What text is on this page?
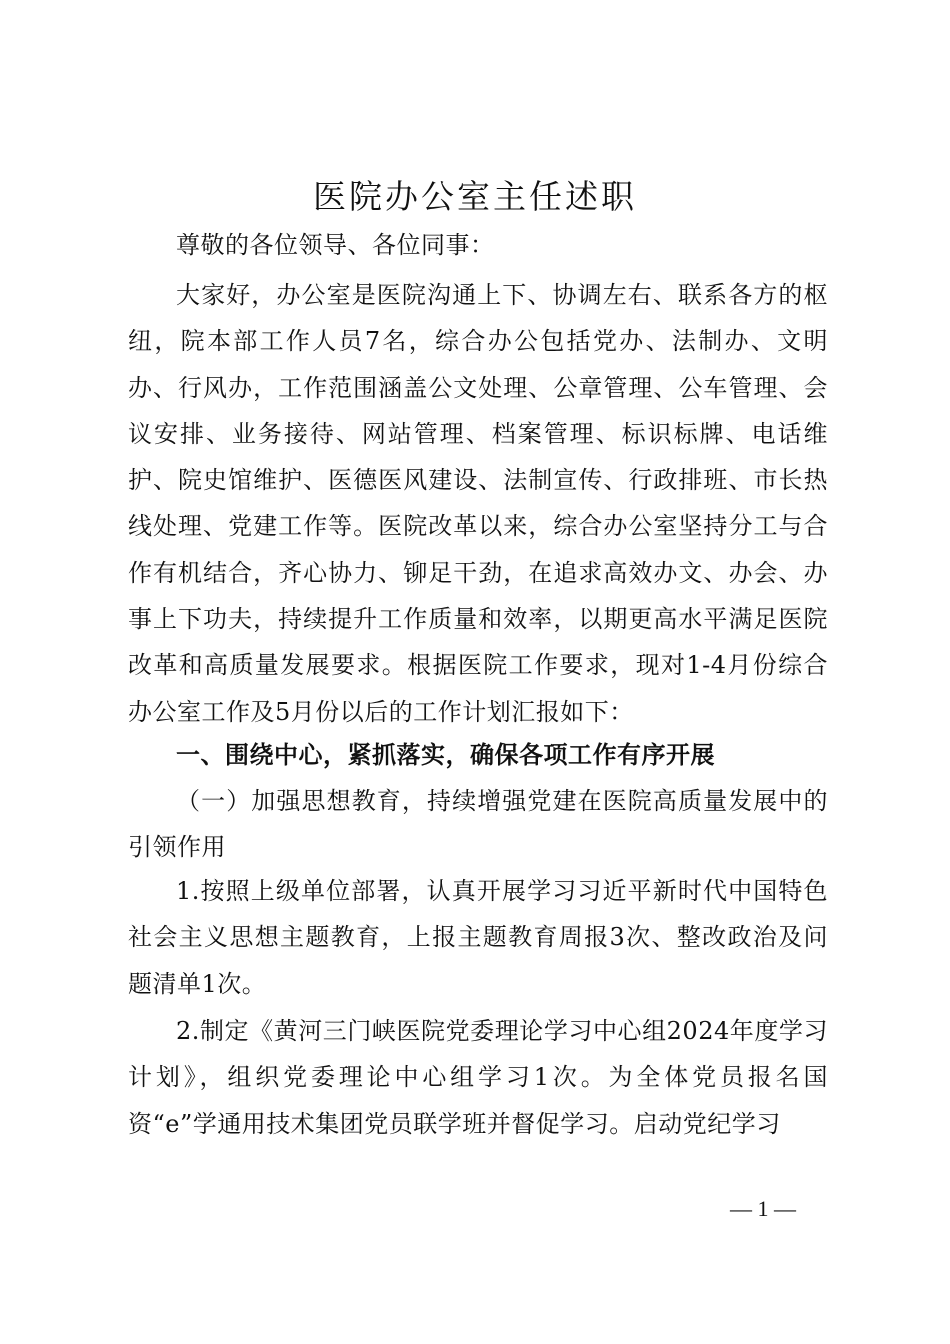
医院办公室主任述职
尊敬的各位领导、各位同事：

大家好，办公室是医院沟通上下、协调左右、联系各方的枢纽，院本部工作人员7名，综合办公包括党办、法制办、文明办、行风办，工作范围涵盖公文处理、公章管理、公车管理、会议安排、业务接待、网站管理、档案管理、标识标牌、电话维护、院史馆维护、医德医风建设、法制宣传、行政排班、市长热线处理、党建工作等。医院改革以来，综合办公室坚持分工与合作有机结合，齐心协力、铆足干劲，在追求高效办文、办会、办事上下功夫，持续提升工作质量和效率，以期更高水平满足医院改革和高质量发展要求。根据医院工作要求，现对1-4月份综合办公室工作及5月份以后的工作计划汇报如下：

一、围绕中心，紧抓落实，确保各项工作有序开展

（一）加强思想教育，持续增强党建在医院高质量发展中的引领作用

1.按照上级单位部署，认真开展学习习近平新时代中国特色社会主义思想主题教育，上报主题教育周报3次、整改政治及问题清单1次。

2.制定《黄河三门峡医院党委理论学习中心组2024年度学习计划》，组织党委理论中心组学习1次。为全体党员报名国资“e”学通用技术集团党员联学班并督促学习。启动党纪学习

— 1 —
